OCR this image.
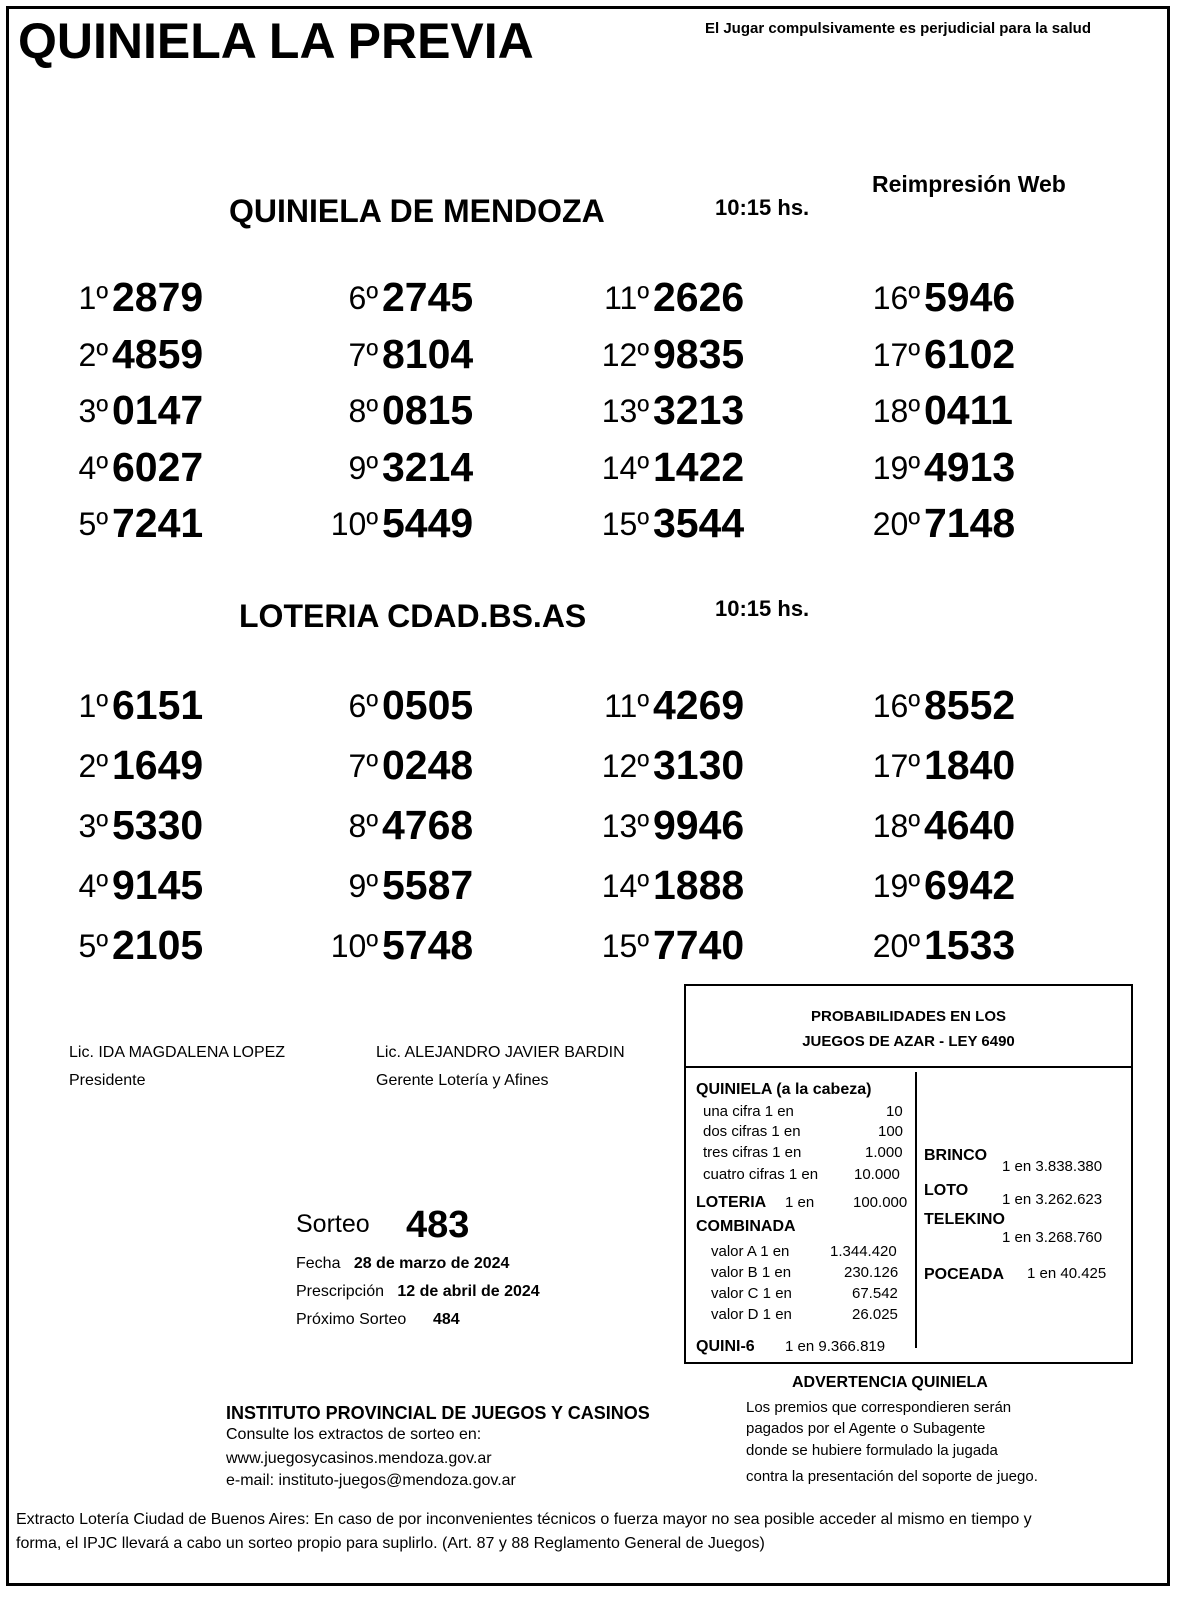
QUINIELA LA PREVIA	El Jugar compulsivamente es perjudicial para la salud
Reimpresión Web
QUINIELA DE MENDOZA	10:15 hs.
1º 2879
2º 4859
3º 0147
4º 6027
5º 7241
6º 2745
7º 8104
8º 0815
9º 3214
10º 5449
11º 2626
12º 9835
13º 3213
14º 1422
15º 3544
16º 5946
17º 6102
18º 0411
19º 4913
20º 7148
LOTERIA CDAD.BS.AS	10:15 hs.
1º 6151
2º 1649
3º 5330
4º 9145
5º 2105
6º 0505
7º 0248
8º 4768
9º 5587
10º 5748
11º 4269
12º 3130
13º 9946
14º 1888
15º 7740
16º 8552
17º 1840
18º 4640
19º 6942
20º 1533
Lic. IDA MAGDALENA LOPEZ
Presidente
Lic. ALEJANDRO JAVIER BARDIN
Gerente Lotería y Afines
Sorteo 483
Fecha 28 de marzo de 2024
Prescripción 12 de abril de 2024
Próximo Sorteo 484
PROBABILIDADES EN LOS
JUEGOS DE AZAR - LEY 6490
QUINIELA (a la cabeza)
una cifra 1 en	10
dos cifras 1 en	100
tres cifras 1 en	1.000
cuatro cifras 1 en 10.000
LOTERIA 1 en	100.000
COMBINADA
valor A 1 en	1.344.420
valor B 1 en	230.126
valor C 1 en	67.542
valor D 1 en	26.025
QUINI-6 1 en 9.366.819
BRINCO
1 en 3.838.380
LOTO
1 en 3.262.623
TELEKINO
1 en 3.268.760
POCEADA 1 en 40.425
ADVERTENCIA QUINIELA
Los premios que correspondieren serán
pagados por el Agente o Subagente
donde se hubiere formulado la jugada
contra la presentación del soporte de juego.
INSTITUTO PROVINCIAL DE JUEGOS Y CASINOS
Consulte los extractos de sorteo en:
www.juegosycasinos.mendoza.gov.ar
e-mail: instituto-juegos@mendoza.gov.ar
Extracto Lotería Ciudad de Buenos Aires: En caso de por inconvenientes técnicos o fuerza mayor no sea posible acceder al mismo en tiempo y
forma, el IPJC llevará a cabo un sorteo propio para suplirlo. (Art. 87 y 88 Reglamento General de Juegos)
